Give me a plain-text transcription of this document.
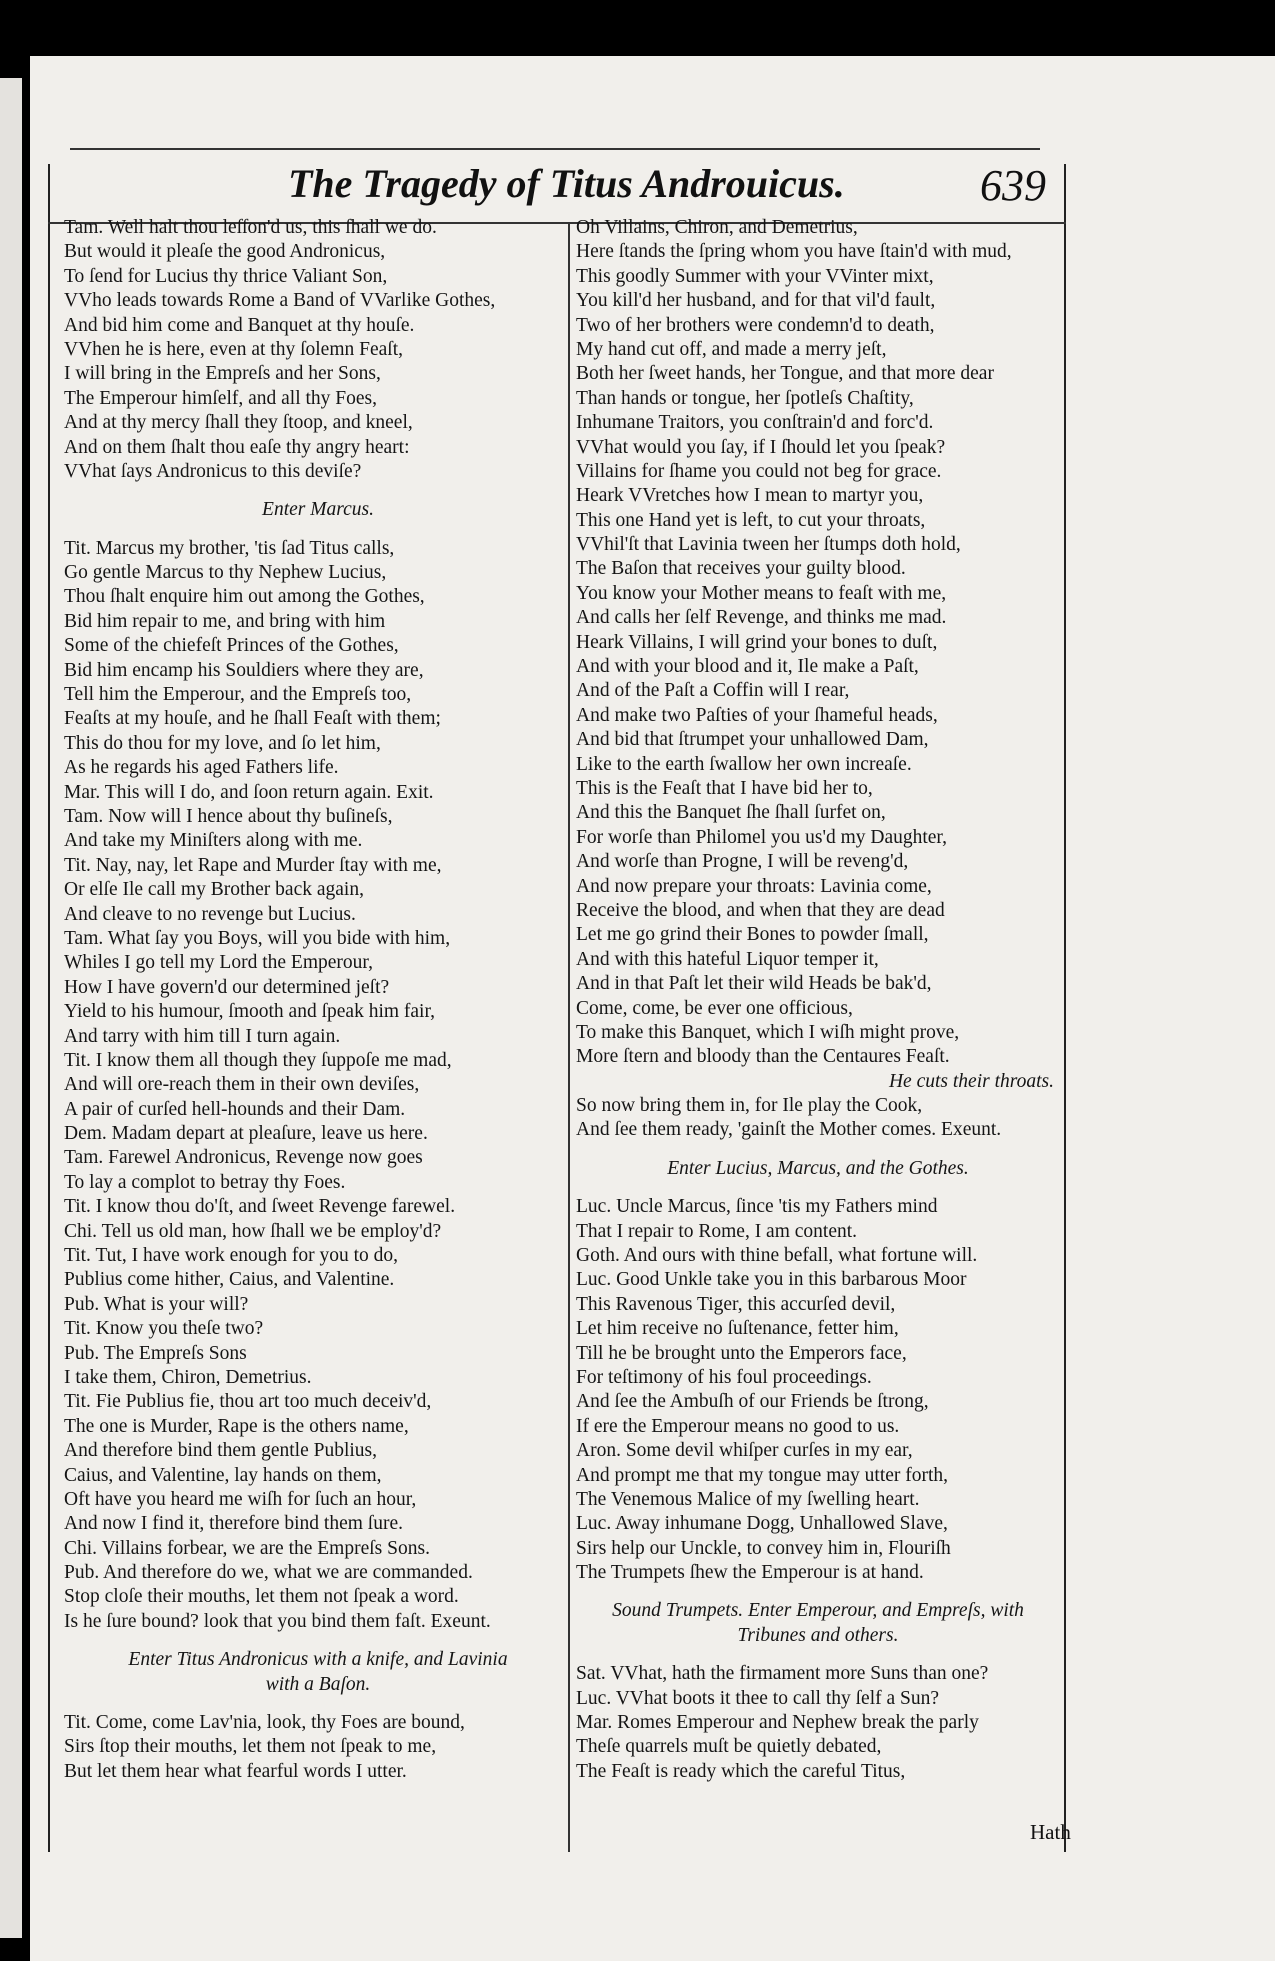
The Tragedy of Titus Androuicus.	639
Tam. Well halt thou leſſon'd us, this ſhall we do.
But would it pleaſe the good Andronicus,
To ſend for Lucius thy thrice Valiant Son,
VVho leads towards Rome a Band of VVarlike Gothes,
And bid him come and Banquet at thy houſe.
VVhen he is here, even at thy ſolemn Feaſt,
I will bring in the Empreſs and her Sons,
The Emperour himſelf, and all thy Foes,
And at thy mercy ſhall they ſtoop, and kneel,
And on them ſhalt thou eaſe thy angry heart:
VVhat ſays Andronicus to this deviſe?
Enter Marcus.
Tit. Marcus my brother, 'tis ſad Titus calls,
Go gentle Marcus to thy Nephew Lucius,
Thou ſhalt enquire him out among the Gothes,
Bid him repair to me, and bring with him
Some of the chiefeſt Princes of the Gothes,
Bid him encamp his Souldiers where they are,
Tell him the Emperour, and the Empreſs too,
Feaſts at my houſe, and he ſhall Feaſt with them;
This do thou for my love, and ſo let him,
As he regards his aged Fathers life.
Mar. This will I do, and ſoon return again. Exit.
Tam. Now will I hence about thy buſineſs,
And take my Miniſters along with me.
Tit. Nay, nay, let Rape and Murder ſtay with me,
Or elſe Ile call my Brother back again,
And cleave to no revenge but Lucius.
Tam. What ſay you Boys, will you bide with him,
Whiles I go tell my Lord the Emperour,
How I have govern'd our determined jeſt?
Yield to his humour, ſmooth and ſpeak him fair,
And tarry with him till I turn again.
Tit. I know them all though they ſuppoſe me mad,
And will ore-reach them in their own deviſes,
A pair of curſed hell-hounds and their Dam.
Dem. Madam depart at pleaſure, leave us here.
Tam. Farewel Andronicus, Revenge now goes
To lay a complot to betray thy Foes.
Tit. I know thou do'ſt, and ſweet Revenge farewel.
Chi. Tell us old man, how ſhall we be employ'd?
Tit. Tut, I have work enough for you to do,
Publius come hither, Caius, and Valentine.
Pub. What is your will?
Tit. Know you theſe two?
Pub. The Empreſs Sons
I take them, Chiron, Demetrius.
Tit. Fie Publius fie, thou art too much deceiv'd,
The one is Murder, Rape is the others name,
And therefore bind them gentle Publius,
Caius, and Valentine, lay hands on them,
Oft have you heard me wiſh for ſuch an hour,
And now I find it, therefore bind them ſure.
Chi. Villains forbear, we are the Empreſs Sons.
Pub. And therefore do we, what we are commanded.
Stop cloſe their mouths, let them not ſpeak a word.
Is he ſure bound? look that you bind them faſt. Exeunt.
Enter Titus Andronicus with a knife, and Lavinia
with a Baſon.
Tit. Come, come Lav'nia, look, thy Foes are bound,
Sirs ſtop their mouths, let them not ſpeak to me,
But let them hear what fearful words I utter.
Oh Villains, Chiron, and Demetrius,
Here ſtands the ſpring whom you have ſtain'd with mud,
This goodly Summer with your VVinter mixt,
You kill'd her husband, and for that vil'd fault,
Two of her brothers were condemn'd to death,
My hand cut off, and made a merry jeſt,
Both her ſweet hands, her Tongue, and that more dear
Than hands or tongue, her ſpotleſs Chaſtity,
Inhumane Traitors, you conſtrain'd and forc'd.
VVhat would you ſay, if I ſhould let you ſpeak?
Villains for ſhame you could not beg for grace.
Heark VVretches how I mean to martyr you,
This one Hand yet is left, to cut your throats,
VVhil'ſt that Lavinia tween her ſtumps doth hold,
The Baſon that receives your guilty blood.
You know your Mother means to feaſt with me,
And calls her ſelf Revenge, and thinks me mad.
Heark Villains, I will grind your bones to duſt,
And with your blood and it, Ile make a Paſt,
And of the Paſt a Coffin will I rear,
And make two Paſties of your ſhameful heads,
And bid that ſtrumpet your unhallowed Dam,
Like to the earth ſwallow her own increaſe.
This is the Feaſt that I have bid her to,
And this the Banquet ſhe ſhall ſurfet on,
For worſe than Philomel you us'd my Daughter,
And worſe than Progne, I will be reveng'd,
And now prepare your throats: Lavinia come,
Receive the blood, and when that they are dead
Let me go grind their Bones to powder ſmall,
And with this hateful Liquor temper it,
And in that Paſt let their wild Heads be bak'd,
Come, come, be ever one officious,
To make this Banquet, which I wiſh might prove,
More ſtern and bloody than the Centaures Feaſt.
He cuts their throats.
So now bring them in, for Ile play the Cook,
And ſee them ready, 'gainſt the Mother comes. Exeunt.
Enter Lucius, Marcus, and the Gothes.
Luc. Uncle Marcus, ſince 'tis my Fathers mind
That I repair to Rome, I am content.
Goth. And ours with thine befall, what fortune will.
Luc. Good Unkle take you in this barbarous Moor
This Ravenous Tiger, this accurſed devil,
Let him receive no ſuſtenance, fetter him,
Till he be brought unto the Emperors face,
For teſtimony of his foul proceedings.
And ſee the Ambuſh of our Friends be ſtrong,
If ere the Emperour means no good to us.
Aron. Some devil whiſper curſes in my ear,
And prompt me that my tongue may utter forth,
The Venemous Malice of my ſwelling heart.
Luc. Away inhumane Dogg, Unhallowed Slave,
Sirs help our Unckle, to convey him in, Flouriſh
The Trumpets ſhew the Emperour is at hand.
Sound Trumpets. Enter Emperour, and Empreſs, with
Tribunes and others.
Sat. VVhat, hath the firmament more Suns than one?
Luc. VVhat boots it thee to call thy ſelf a Sun?
Mar. Romes Emperour and Nephew break the parly
Theſe quarrels muſt be quietly debated,
The Feaſt is ready which the careful Titus,
Hath
